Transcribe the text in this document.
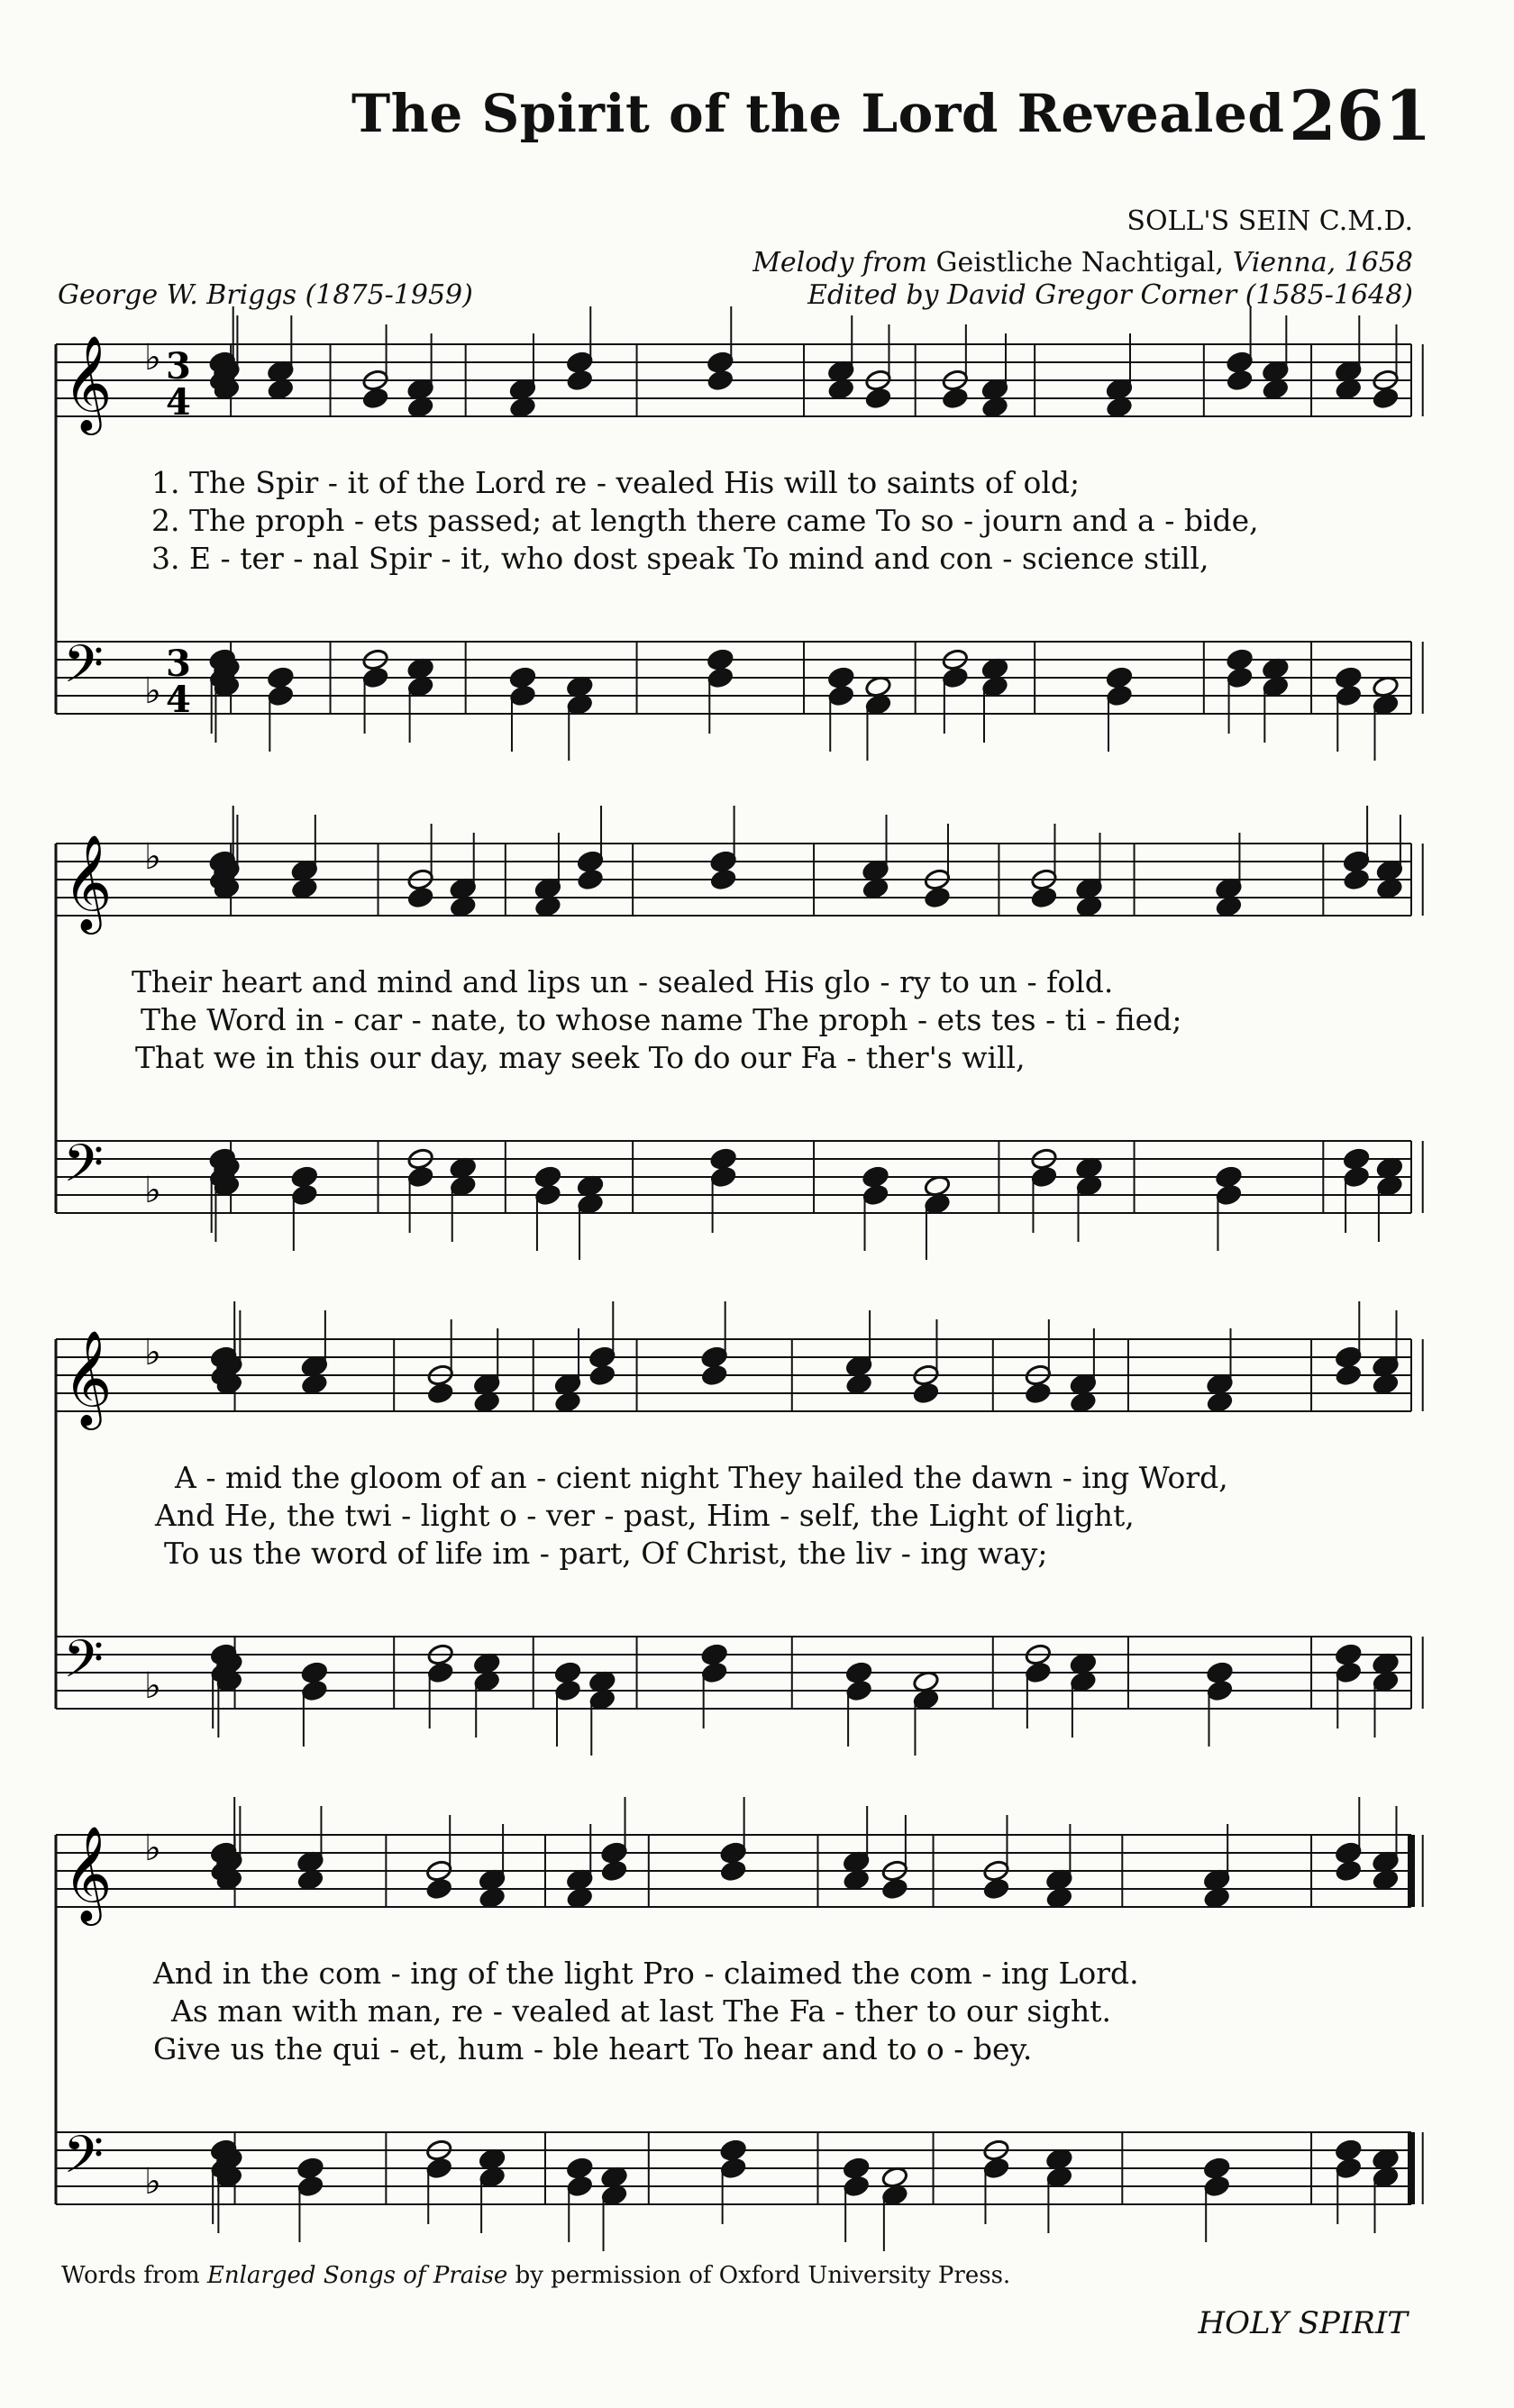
The Spirit of the Lord Revealed 261
SOLL'S SEIN C.M.D.
Melody from Geistliche Nachtigal, Vienna, 1658
Edited by David Gregor Corner (1585-1648)
George W. Briggs (1875-1959)
𝄞 ♭ 3
4
𝄢 ♭
3
4
𝄞 ♭
𝄢 ♭
𝄞 ♭
𝄢 ♭
𝄞 ♭
𝄢 ♭
1. The Spir - it of the Lord re - vealed His will to saints of old;
2. The proph - ets passed; at length there came To so - journ and a - bide,
3. E - ter - nal Spir - it, who dost speak To mind and con - science still,
Their heart and mind and lips un - sealed His glo - ry to un - fold.
The Word in - car - nate, to whose name The proph - ets tes - ti - fied;
That we in this our day, may seek To do our Fa - ther's will,
A - mid the gloom of an - cient night They hailed the dawn - ing Word,
And He, the twi - light o - ver - past, Him - self, the Light of light,
To us the word of life im - part, Of Christ, the liv - ing way;
And in the com - ing of the light Pro - claimed the com - ing Lord.
As man with man, re - vealed at last The Fa - ther to our sight.
Give us the qui - et, hum - ble heart To hear and to o - bey.
Words from Enlarged Songs of Praise by permission of Oxford University Press.
HOLY SPIRIT
